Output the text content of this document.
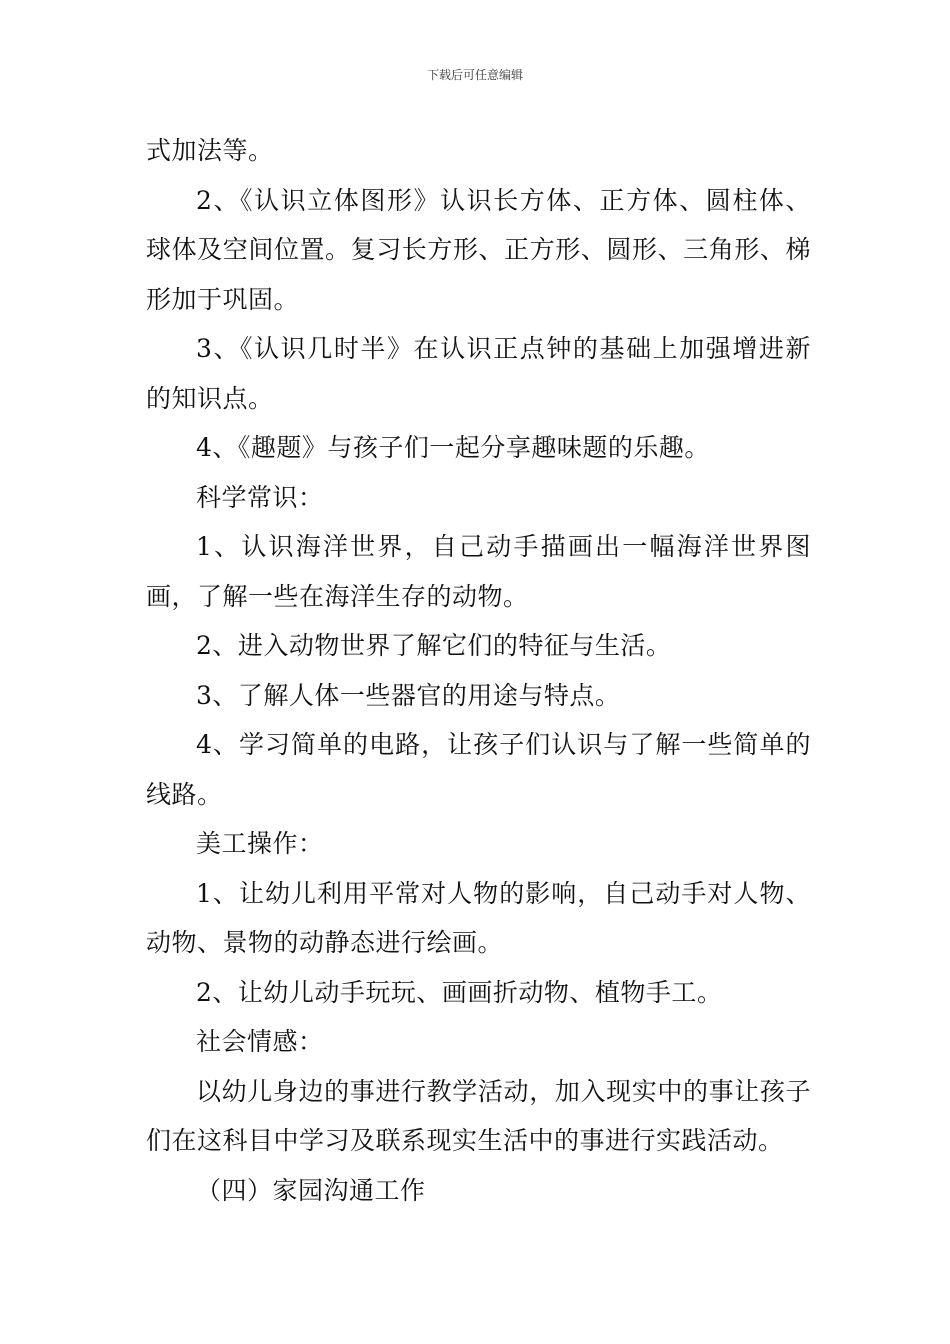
下载后可任意编辑

式加法等。

2、《认识立体图形》认识长方体、正方体、圆柱体、球体及空间位置。复习长方形、正方形、圆形、三角形、梯形加于巩固。

3、《认识几时半》在认识正点钟的基础上加强增进新的知识点。

4、《趣题》与孩子们一起分享趣味题的乐趣。

科学常识：

1、认识海洋世界，自己动手描画出一幅海洋世界图画，了解一些在海洋生存的动物。

2、进入动物世界了解它们的特征与生活。

3、了解人体一些器官的用途与特点。

4、学习简单的电路，让孩子们认识与了解一些简单的线路。

美工操作：

1、让幼儿利用平常对人物的影响，自己动手对人物、动物、景物的动静态进行绘画。

2、让幼儿动手玩玩、画画折动物、植物手工。

社会情感：

以幼儿身边的事进行教学活动，加入现实中的事让孩子们在这科目中学习及联系现实生活中的事进行实践活动。

（四）家园沟通工作
